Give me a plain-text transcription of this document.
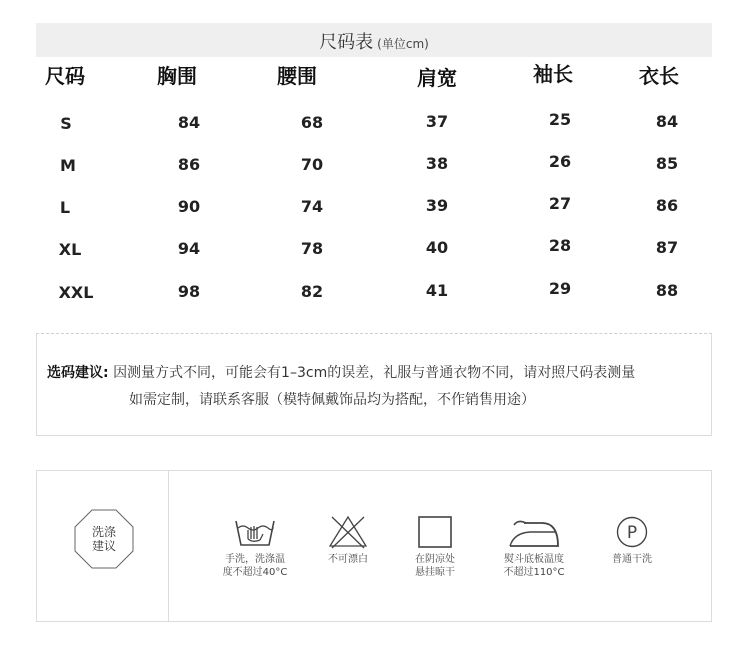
尺码表 (单位cm)
尺码	胸围	腰围	肩宽	袖长	衣长
S	84	68	37	25	84
M	86	70	38	26	85
L	90	74	39	27	86
XL	94	78	40	28	87
XXL	98	82	41	29	88
选码建议: 因测量方式不同，可能会有1–3cm的误差，礼服与普通衣物不同，请对照尺码表测量
如需定制，请联系客服（模特佩戴饰品均为搭配，不作销售用途）
洗涤
建议
手洗，洗涤温
度不超过40°C
不可漂白	在阴凉处
悬挂晾干
熨斗底板温度
不超过110°C
P
普通干洗
